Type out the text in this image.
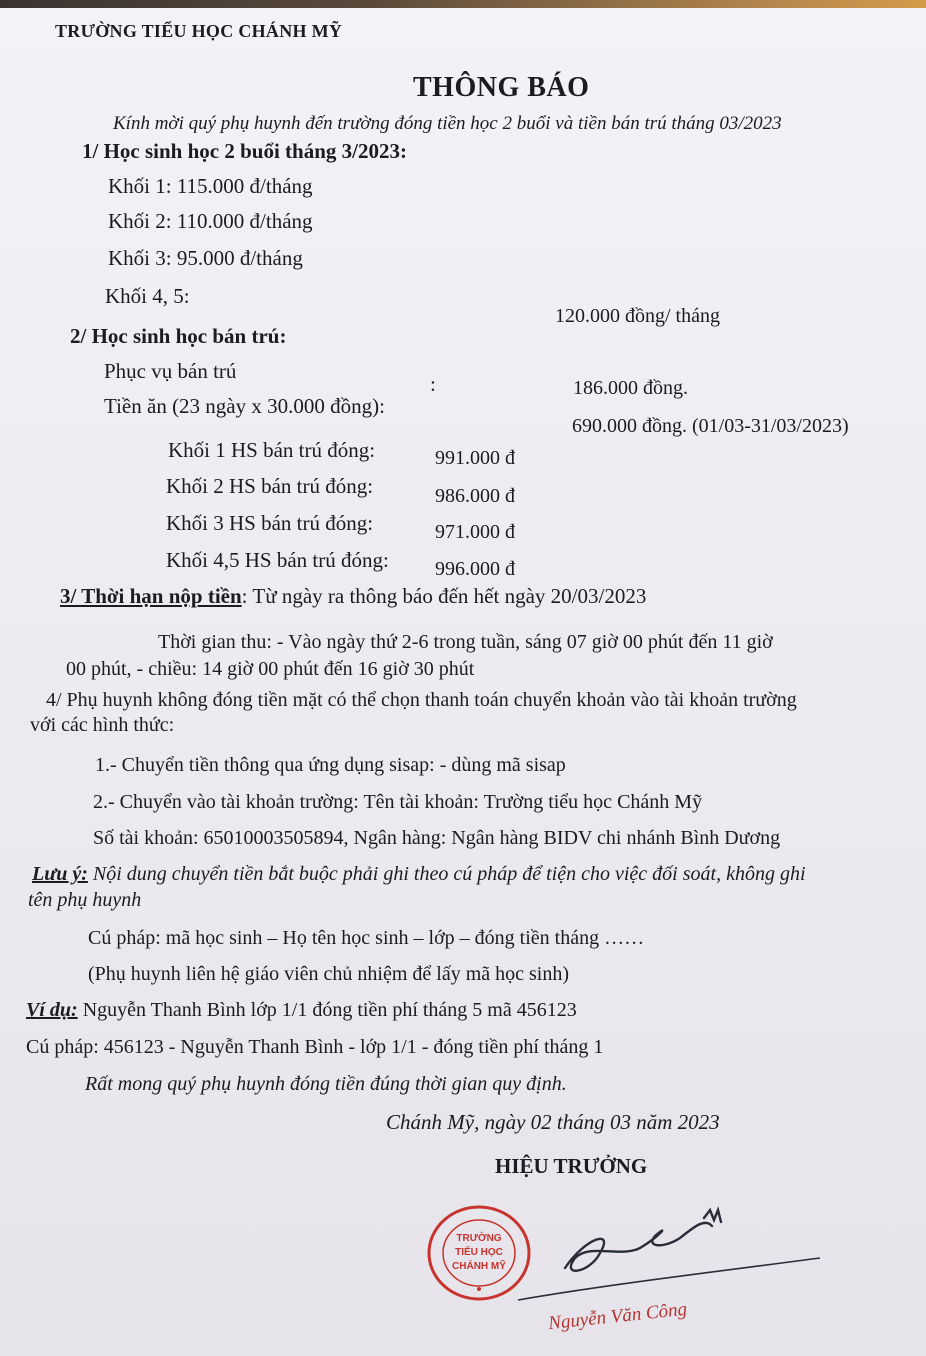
TRƯỜNG TIỂU HỌC CHÁNH MỸ
THÔNG BÁO
Kính mời quý phụ huynh đến trường đóng tiền học 2 buổi và tiền bán trú tháng 03/2023
1/ Học sinh học 2 buổi tháng 3/2023:
Khối 1: 115.000 đ/tháng
Khối 2: 110.000 đ/tháng
Khối 3: 95.000 đ/tháng
Khối 4, 5:
120.000 đồng/ tháng
2/ Học sinh học bán trú:
Phục vụ bán trú
:	186.000 đồng.
Tiền ăn (23 ngày x 30.000 đồng):
690.000 đồng. (01/03-31/03/2023)
Khối 1 HS bán trú đóng:	991.000 đ
Khối 2 HS bán trú đóng:	986.000 đ
Khối 3 HS bán trú đóng:	971.000 đ
Khối 4,5 HS bán trú đóng: 996.000 đ
3/ Thời hạn nộp tiền: Từ ngày ra thông báo đến hết ngày 20/03/2023
Thời gian thu: - Vào ngày thứ 2-6 trong tuần, sáng 07 giờ 00 phút đến 11 giờ
00 phút, - chiều: 14 giờ 00 phút đến 16 giờ 30 phút
4/ Phụ huynh không đóng tiền mặt có thể chọn thanh toán chuyển khoản vào tài khoản trường
với các hình thức:
1.- Chuyển tiền thông qua ứng dụng sisap: - dùng mã sisap
2.- Chuyển vào tài khoản trường: Tên tài khoản: Trường tiểu học Chánh Mỹ
Số tài khoản: 65010003505894, Ngân hàng: Ngân hàng BIDV chi nhánh Bình Dương
Lưu ý: Nội dung chuyển tiền bắt buộc phải ghi theo cú pháp để tiện cho việc đối soát, không ghi
tên phụ huynh
Cú pháp: mã học sinh – Họ tên học sinh – lớp – đóng tiền tháng ……
(Phụ huynh liên hệ giáo viên chủ nhiệm để lấy mã học sinh)
Ví dụ: Nguyễn Thanh Bình lớp 1/1 đóng tiền phí tháng 5 mã 456123
Cú pháp: 456123 - Nguyễn Thanh Bình - lớp 1/1 - đóng tiền phí tháng 1
Rất mong quý phụ huynh đóng tiền đúng thời gian quy định.
Chánh Mỹ, ngày 02 tháng 03 năm 2023
HIỆU TRƯỞNG
TRƯỜNG
TIỂU HỌC
CHÁNH MỸ
Nguyễn Văn Công
